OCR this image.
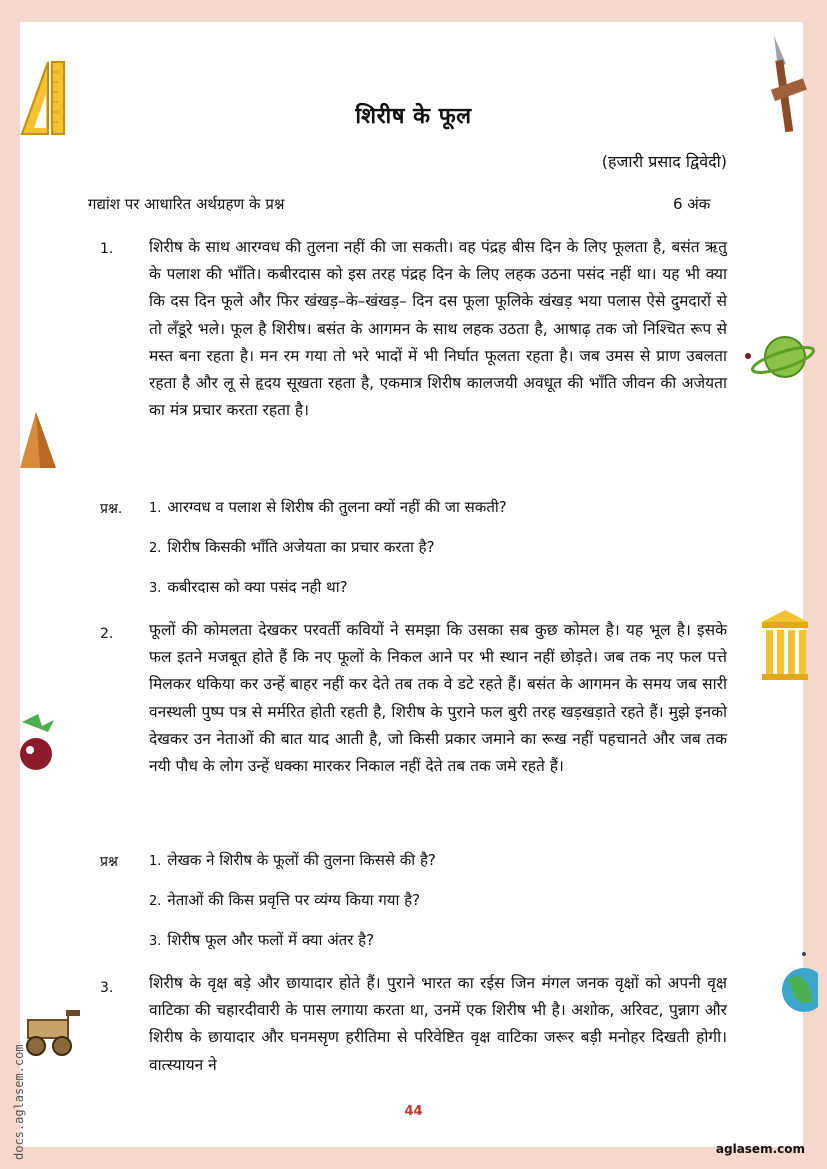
docs.aglasem.com
शिरीष के फूल
(हजारी प्रसाद द्विवेदी)
गद्यांश पर आधारित अर्थग्रहण के प्रश्न	6 अंक
1. शिरीष के साथ आरग्वध की तुलना नहीं की जा सकती। वह पंद्रह बीस दिन के लिए फूलता है, बसंत ऋतु के पलाश की भाँति। कबीरदास को इस तरह पंद्रह दिन के लिए लहक उठना पसंद नहीं था। यह भी क्या कि दस दिन फूले और फिर खंखड़–के–खंखड़– दिन दस फूला फूलिके खंखड़ भया पलास ऐसे दुमदारों से तो लँडूरे भले। फूल है शिरीष। बसंत के आगमन के साथ लहक उठता है, आषाढ़ तक जो निश्चित रूप से मस्त बना रहता है। मन रम गया तो भरे भादों में भी निर्घात फूलता रहता है। जब उमस से प्राण उबलता रहता है और लू से हृदय सूखता रहता है, एकमात्र शिरीष कालजयी अवधूत की भाँति जीवन की अजेयता का मंत्र प्रचार करता रहता है।
प्रश्न. 1. आरग्वध व पलाश से शिरीष की तुलना क्यों नहीं की जा सकती?
2. शिरीष किसकी भाँति अजेयता का प्रचार करता है?
3. कबीरदास को क्या पसंद नही था?
2. फूलों की कोमलता देखकर परवर्ती कवियों ने समझा कि उसका सब कुछ कोमल है। यह भूल है। इसके फल इतने मजबूत होते हैं कि नए फूलों के निकल आने पर भी स्थान नहीं छोड़ते। जब तक नए फल पत्ते मिलकर धकिया कर उन्हें बाहर नहीं कर देते तब तक वे डटे रहते हैं। बसंत के आगमन के समय जब सारी वनस्थली पुष्प पत्र से मर्मरित होती रहती है, शिरीष के पुराने फल बुरी तरह खड़खड़ाते रहते हैं। मुझे इनको देखकर उन नेताओं की बात याद आती है, जो किसी प्रकार जमाने का रूख नहीं पहचानते और जब तक नयी पौध के लोग उन्हें धक्का मारकर निकाल नहीं देते तब तक जमे रहते हैं।
प्रश्न 1. लेखक ने शिरीष के फूलों की तुलना किससे की है?
2. नेताओं की किस प्रवृत्ति पर व्यंग्य किया गया है?
3. शिरीष फूल और फलों में क्या अंतर है?
3. शिरीष के वृक्ष बड़े और छायादार होते हैं। पुराने भारत का रईस जिन मंगल जनक वृक्षों को अपनी वृक्ष वाटिका की चहारदीवारी के पास लगाया करता था, उनमें एक शिरीष भी है। अशोक, अरिवट, पुन्नाग और शिरीष के छायादार और घनमसृण हरीतिमा से परिवेष्टित वृक्ष वाटिका जरूर बड़ी मनोहर दिखती होगी। वात्स्यायन ने
44
aglasem.com
